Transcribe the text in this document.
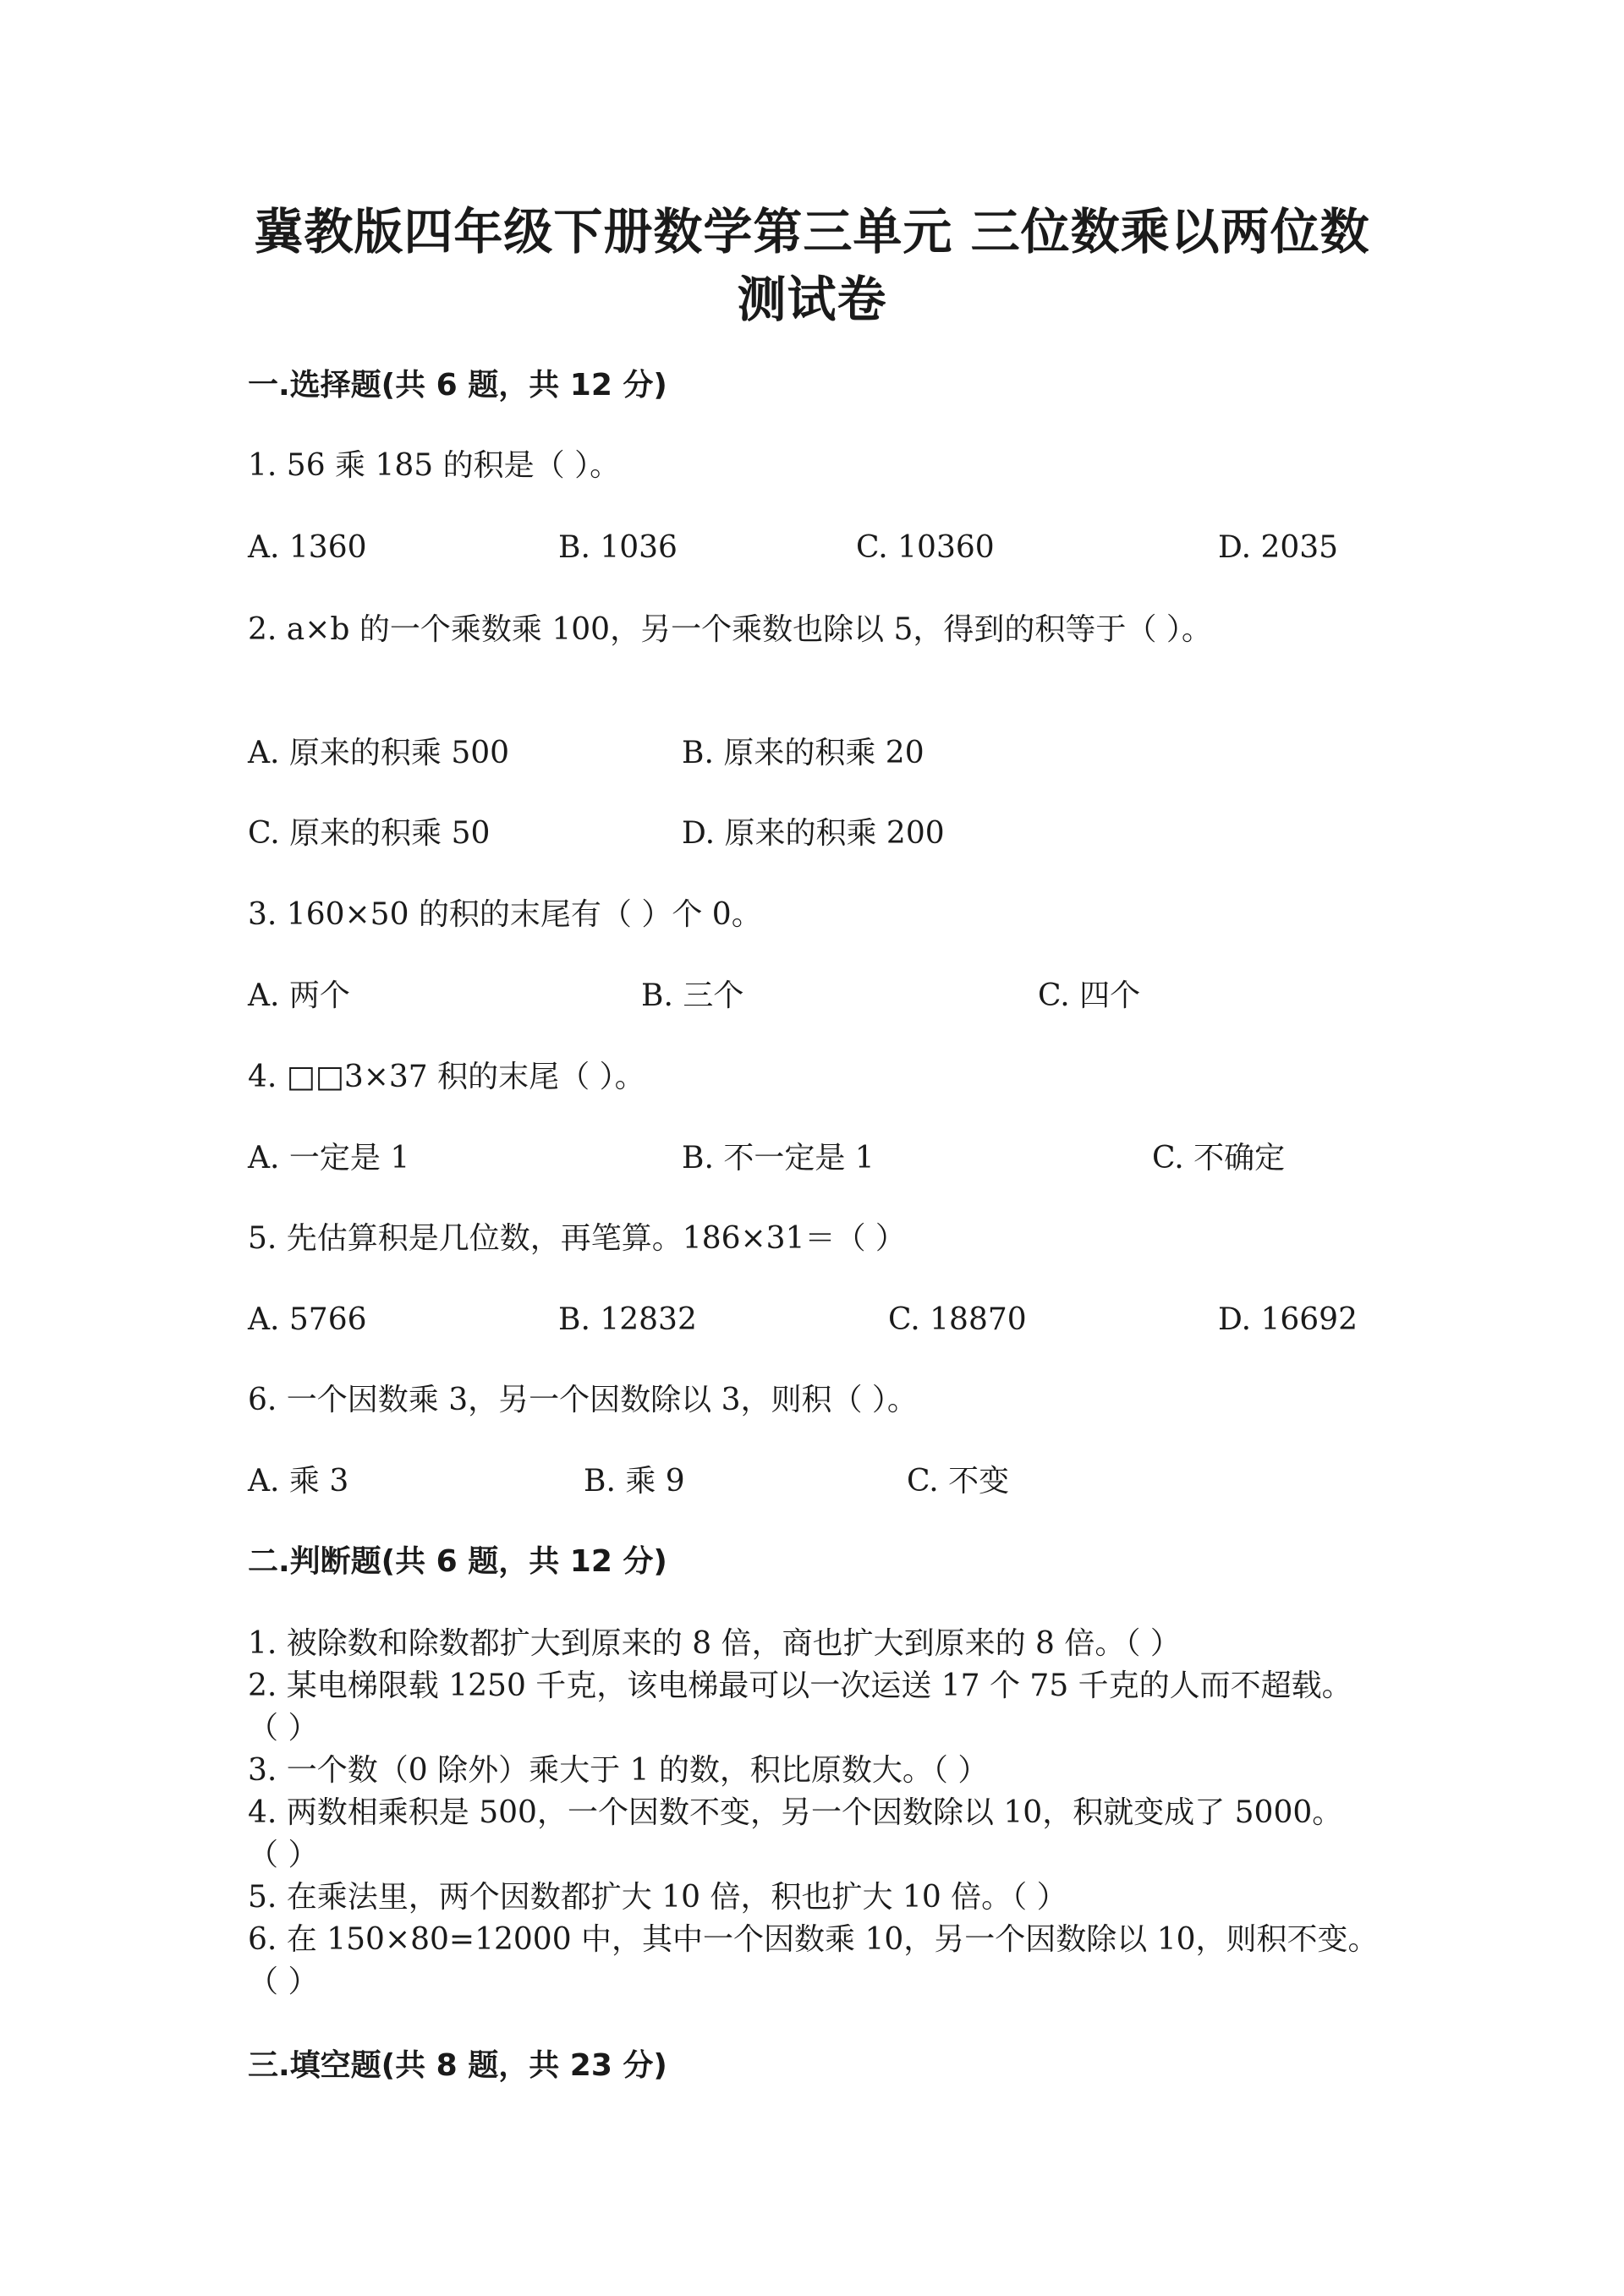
冀教版四年级下册数学第三单元 三位数乘以两位数
测试卷
一.选择题(共 6 题，共 12 分)
1. 56 乘 185 的积是（ ）。
A. 1360	B. 1036	C. 10360	D. 2035
2. a×b 的一个乘数乘 100，另一个乘数也除以 5，得到的积等于（ ）。
A. 原来的积乘 500	B. 原来的积乘 20
C. 原来的积乘 50	D. 原来的积乘 200
3. 160×50 的积的末尾有（ ）个 0。
A. 两个	B. 三个	C. 四个
4. □□3×37 积的末尾（ ）。
A. 一定是 1	B. 不一定是 1	C. 不确定
5. 先估算积是几位数，再笔算。186×31＝（ ）
A. 5766	B. 12832	C. 18870	D. 16692
6. 一个因数乘 3，另一个因数除以 3，则积（ ）。
A. 乘 3	B. 乘 9	C. 不变
二.判断题(共 6 题，共 12 分)
1. 被除数和除数都扩大到原来的 8 倍，商也扩大到原来的 8 倍。（ ）
2. 某电梯限载 1250 千克，该电梯最可以一次运送 17 个 75 千克的人而不超载。
（ ）
3. 一个数（0 除外）乘大于 1 的数，积比原数大。（ ）
4. 两数相乘积是 500，一个因数不变，另一个因数除以 10，积就变成了 5000。
（ ）
5. 在乘法里，两个因数都扩大 10 倍，积也扩大 10 倍。（ ）
6. 在 150×80=12000 中，其中一个因数乘 10，另一个因数除以 10，则积不变。
（ ）
三.填空题(共 8 题，共 23 分)
